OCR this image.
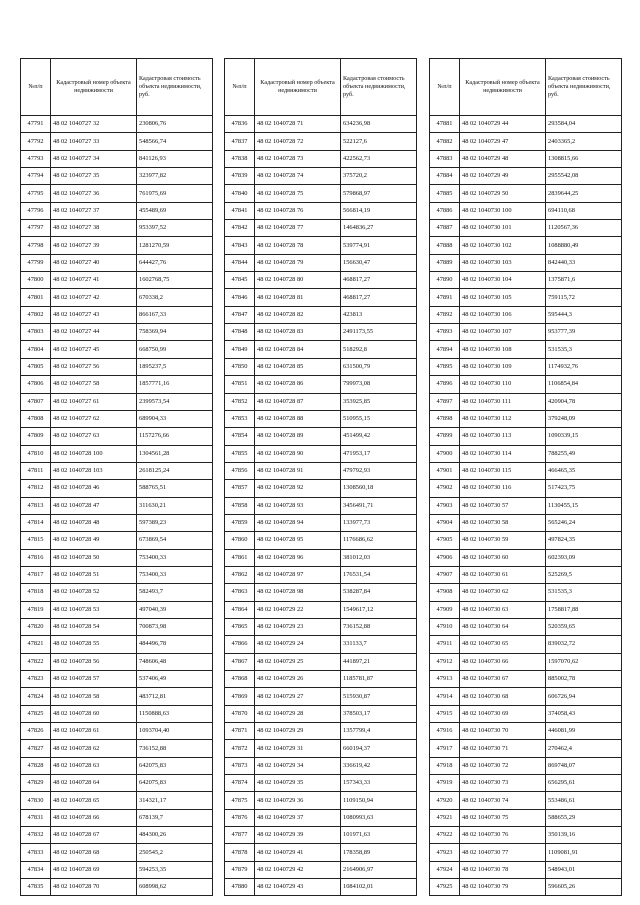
№п/п	Кадастровый номер объекта недвижимости	Кадастровая стоимость объекта недвижимости, руб.
47791	48 02 1040727 32	230806,76
47792	48 02 1040727 33	548566,74
47793	48 02 1040727 34	841126,93
47794	48 02 1040727 35	323977,82
47795	48 02 1040727 36	761975,69
47796	48 02 1040727 37	455489,69
47797	48 02 1040727 38	953397,52
47798	48 02 1040727 39	1281270,59
47799	48 02 1040727 40	644427,76
47800	48 02 1040727 41	1602768,75
47801	48 02 1040727 42	670338,2
47802	48 02 1040727 43	866167,33
47803	48 02 1040727 44	758369,94
47804	48 02 1040727 45	668750,99
47805	48 02 1040727 56	1895237,5
47806	48 02 1040727 58	1857771,16
47807	48 02 1040727 61	2399573,54
47808	48 02 1040727 62	689904,33
47809	48 02 1040727 63	1157276,66
47810	48 02 1040728 100	1304561,28
47811	48 02 1040728 103	2618125,24
47812	48 02 1040728 46	588765,51
47813	48 02 1040728 47	311630,21
47814	48 02 1040728 48	597389,23
47815	48 02 1040728 49	673869,54
47816	48 02 1040728 50	753400,33
47817	48 02 1040728 51	753400,33
47818	48 02 1040728 52	582493,7
47819	48 02 1040728 53	497040,39
47820	48 02 1040728 54	700873,98
47821	48 02 1040728 55	484496,78
47822	48 02 1040728 56	748606,48
47823	48 02 1040728 57	537406,49
47824	48 02 1040728 58	483712,81
47825	48 02 1040728 60	1150888,63
47826	48 02 1040728 61	1093704,40
47827	48 02 1040728 62	736152,88
47828	48 02 1040728 63	642075,83
47829	48 02 1040728 64	642075,83
47830	48 02 1040728 65	314321,17
47831	48 02 1040728 66	678139,7
47832	48 02 1040728 67	484300,26
47833	48 02 1040728 68	250545,2
47834	48 02 1040728 69	594253,35
47835	48 02 1040728 70	608998,62
№п/п	Кадастровый номер объекта недвижимости	Кадастровая стоимость объекта недвижимости, руб.
47836	48 02 1040728 71	634236,98
47837	48 02 1040728 72	522127,6
47838	48 02 1040728 73	422562,73
47839	48 02 1040728 74	375720,2
47840	48 02 1040728 75	579868,97
47841	48 02 1040728 76	566814,19
47842	48 02 1040728 77	1464836,27
47843	48 02 1040728 78	539774,91
47844	48 02 1040728 79	156630,47
47845	48 02 1040728 80	468817,27
47846	48 02 1040728 81	468817,27
47847	48 02 1040728 82	423813
47848	48 02 1040728 83	2491173,55
47849	48 02 1040728 84	518292,8
47850	48 02 1040728 85	631500,79
47851	48 02 1040728 86	799973,08
47852	48 02 1040728 87	353925,85
47853	48 02 1040728 88	510955,15
47854	48 02 1040728 89	451499,42
47855	48 02 1040728 90	471953,17
47856	48 02 1040728 91	479792,93
47857	48 02 1040728 92	1308560,18
47858	48 02 1040728 93	3456491,71
47859	48 02 1040728 94	133977,73
47860	48 02 1040728 95	1176686,62
47861	48 02 1040728 96	381012,03
47862	48 02 1040728 97	176531,54
47863	48 02 1040728 98	538287,84
47864	48 02 1040729 22	1549617,12
47865	48 02 1040729 23	736152,88
47866	48 02 1040729 24	331133,7
47867	48 02 1040729 25	441897,21
47868	48 02 1040729 26	1185781,87
47869	48 02 1040729 27	515930,87
47870	48 02 1040729 28	378503,17
47871	48 02 1040729 29	1357799,4
47872	48 02 1040729 31	660194,37
47873	48 02 1040729 34	336619,42
47874	48 02 1040729 35	157343,33
47875	48 02 1040729 36	1109150,94
47876	48 02 1040729 37	1080993,63
47877	48 02 1040729 39	101971,63
47878	48 02 1040729 41	178358,89
47879	48 02 1040729 42	2164906,97
47880	48 02 1040729 43	1084102,01
№п/п	Кадастровый номер объекта недвижимости	Кадастровая стоимость объекта недвижимости, руб.
47881	48 02 1040729 44	293584,04
47882	48 02 1040729 47	2403365,2
47883	48 02 1040729 48	1308815,66
47884	48 02 1040729 49	2955542,08
47885	48 02 1040729 50	2839644,25
47886	48 02 1040730 100	694110,68
47887	48 02 1040730 101	1120567,36
47888	48 02 1040730 102	1088880,49
47889	48 02 1040730 103	842440,33
47890	48 02 1040730 104	1375871,6
47891	48 02 1040730 105	759115,72
47892	48 02 1040730 106	595444,3
47893	48 02 1040730 107	953777,39
47894	48 02 1040730 108	531535,3
47895	48 02 1040730 109	1174932,76
47896	48 02 1040730 110	1106854,84
47897	48 02 1040730 111	420904,78
47898	48 02 1040730 112	379248,09
47899	48 02 1040730 113	1090339,15
47900	48 02 1040730 114	788255,49
47901	48 02 1040730 115	466465,35
47902	48 02 1040730 116	517423,75
47903	48 02 1040730 57	1130455,15
47904	48 02 1040730 58	565246,24
47905	48 02 1040730 59	497824,35
47906	48 02 1040730 60	602393,09
47907	48 02 1040730 61	525269,5
47908	48 02 1040730 62	531535,3
47909	48 02 1040730 63	1758817,88
47910	48 02 1040730 64	520359,65
47911	48 02 1040730 65	839032,72
47912	48 02 1040730 66	1597070,62
47913	48 02 1040730 67	885002,78
47914	48 02 1040730 68	606726,94
47915	48 02 1040730 69	374058,43
47916	48 02 1040730 70	446081,99
47917	48 02 1040730 71	270462,4
47918	48 02 1040730 72	869748,07
47919	48 02 1040730 73	656295,61
47920	48 02 1040730 74	553486,61
47921	48 02 1040730 75	588655,29
47922	48 02 1040730 76	350139,16
47923	48 02 1040730 77	1109081,91
47924	48 02 1040730 78	548943,01
47925	48 02 1040730 79	596605,26
